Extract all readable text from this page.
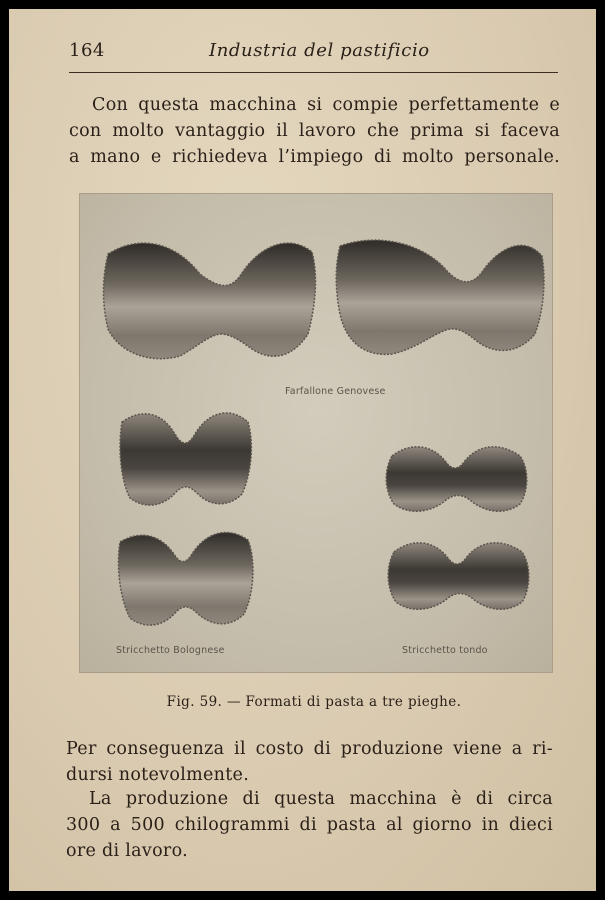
164	Industria del pastificio

Con questa macchina si compie perfettamente e
con molto vantaggio il lavoro che prima si faceva
a mano e richiedeva l’impiego di molto personale.

Farfallone Genovese
Stricchetto Bolognese	Stricchetto tondo
Fig. 59. — Formati di pasta a tre pieghe.

Per conseguenza il costo di produzione viene a ri-
dursi notevolmente.

La produzione di questa macchina è di circa
300 a 500 chilogrammi di pasta al giorno in dieci
ore di lavoro.
